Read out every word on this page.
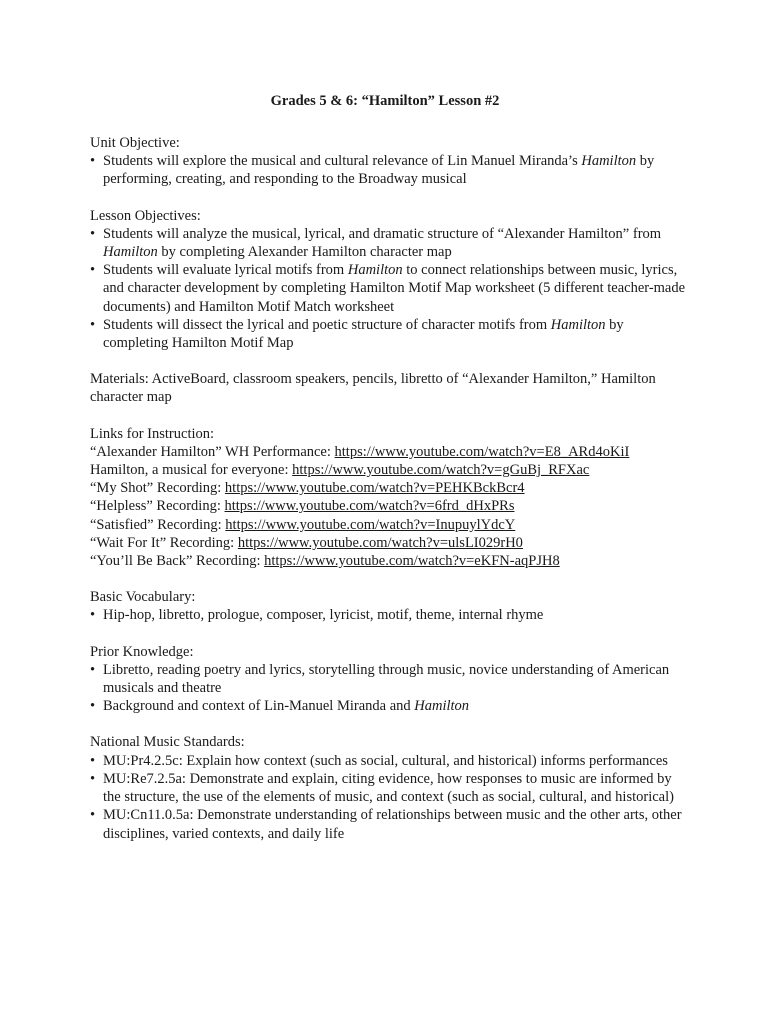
Grades 5 & 6: “Hamilton” Lesson #2

Unit Objective:

• Students will explore the musical and cultural relevance of Lin Manuel Miranda’s Hamilton by performing, creating, and responding to the Broadway musical

Lesson Objectives:

• Students will analyze the musical, lyrical, and dramatic structure of “Alexander Hamilton” from Hamilton by completing Alexander Hamilton character map
• Students will evaluate lyrical motifs from Hamilton to connect relationships between music, lyrics, and character development by completing Hamilton Motif Map worksheet (5 different teacher-made documents) and Hamilton Motif Match worksheet
• Students will dissect the lyrical and poetic structure of character motifs from Hamilton by completing Hamilton Motif Map

Materials: ActiveBoard, classroom speakers, pencils, libretto of “Alexander Hamilton,” Hamilton character map

Links for Instruction:

“Alexander Hamilton” WH Performance: https://www.youtube.com/watch?v=E8_ARd4oKiI

Hamilton, a musical for everyone: https://www.youtube.com/watch?v=gGuBj_RFXac

“My Shot” Recording: https://www.youtube.com/watch?v=PEHKBckBcr4

“Helpless” Recording: https://www.youtube.com/watch?v=6frd_dHxPRs

“Satisfied” Recording: https://www.youtube.com/watch?v=InupuylYdcY

“Wait For It” Recording: https://www.youtube.com/watch?v=ulsLI029rH0

“You’ll Be Back” Recording: https://www.youtube.com/watch?v=eKFN-aqPJH8

Basic Vocabulary:

• Hip-hop, libretto, prologue, composer, lyricist, motif, theme, internal rhyme

Prior Knowledge:

• Libretto, reading poetry and lyrics, storytelling through music, novice understanding of American musicals and theatre
• Background and context of Lin-Manuel Miranda and Hamilton

National Music Standards:

• MU:Pr4.2.5c: Explain how context (such as social, cultural, and historical) informs performances
• MU:Re7.2.5a: Demonstrate and explain, citing evidence, how responses to music are informed by the structure, the use of the elements of music, and context (such as social, cultural, and historical)
• MU:Cn11.0.5a: Demonstrate understanding of relationships between music and the other arts, other disciplines, varied contexts, and daily life
